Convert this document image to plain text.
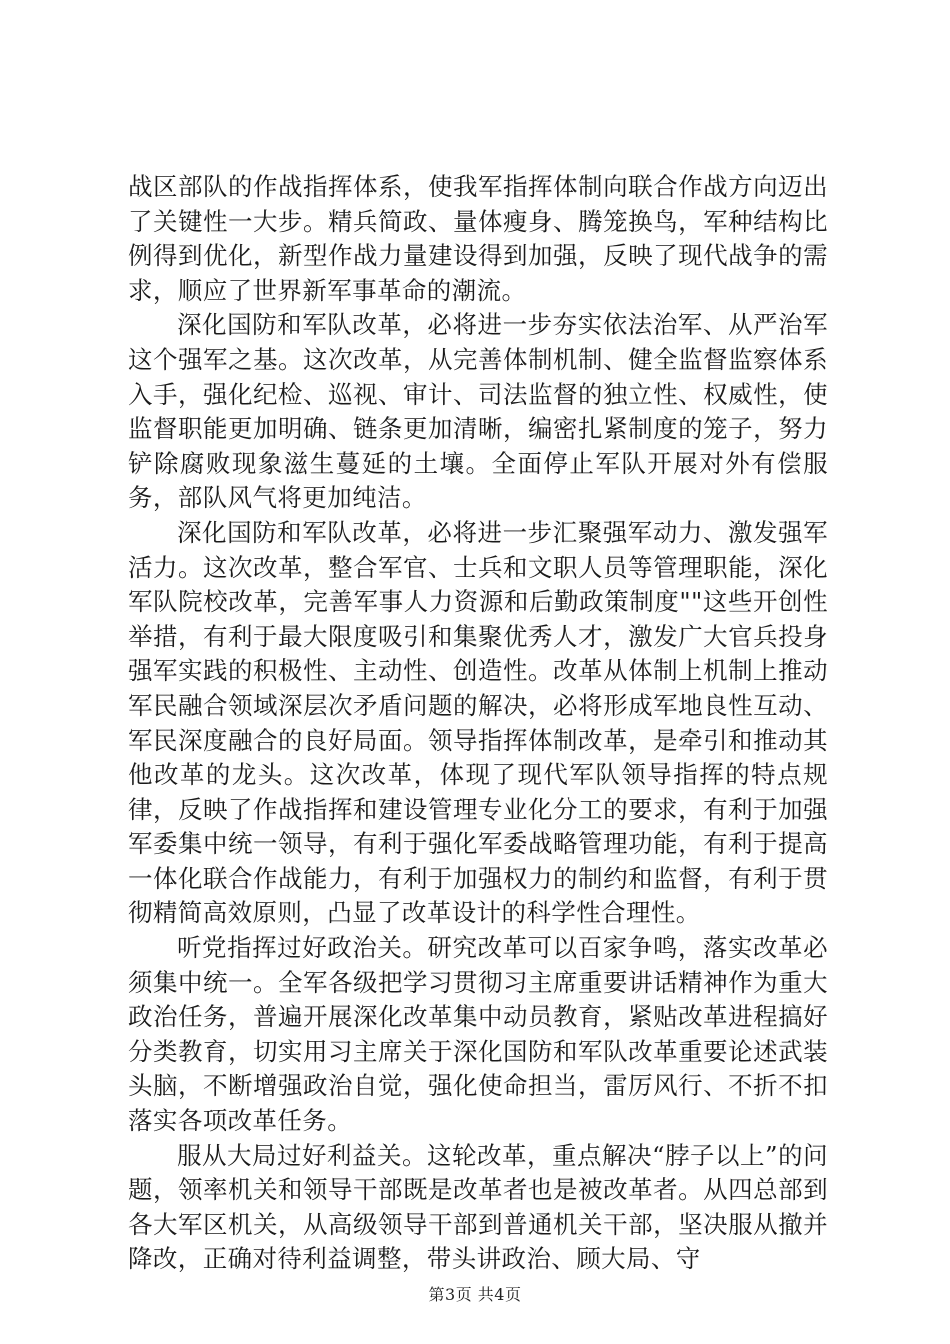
战区部队的作战指挥体系，使我军指挥体制向联合作战方向迈出了关键性一大步。精兵简政、量体瘦身、腾笼换鸟，军种结构比例得到优化，新型作战力量建设得到加强，反映了现代战争的需求，顺应了世界新军事革命的潮流。

深化国防和军队改革，必将进一步夯实依法治军、从严治军这个强军之基。这次改革，从完善体制机制、健全监督监察体系入手，强化纪检、巡视、审计、司法监督的独立性、权威性，使监督职能更加明确、链条更加清晰，编密扎紧制度的笼子，努力铲除腐败现象滋生蔓延的土壤。全面停止军队开展对外有偿服务，部队风气将更加纯洁。

深化国防和军队改革，必将进一步汇聚强军动力、激发强军活力。这次改革，整合军官、士兵和文职人员等管理职能，深化军队院校改革，完善军事人力资源和后勤政策制度""这些开创性举措，有利于最大限度吸引和集聚优秀人才，激发广大官兵投身强军实践的积极性、主动性、创造性。改革从体制上机制上推动军民融合领域深层次矛盾问题的解决，必将形成军地良性互动、军民深度融合的良好局面。领导指挥体制改革，是牵引和推动其他改革的龙头。这次改革，体现了现代军队领导指挥的特点规律，反映了作战指挥和建设管理专业化分工的要求，有利于加强军委集中统一领导，有利于强化军委战略管理功能，有利于提高一体化联合作战能力，有利于加强权力的制约和监督，有利于贯彻精简高效原则，凸显了改革设计的科学性合理性。

听党指挥过好政治关。研究改革可以百家争鸣，落实改革必须集中统一。全军各级把学习贯彻习主席重要讲话精神作为重大政治任务，普遍开展深化改革集中动员教育，紧贴改革进程搞好分类教育，切实用习主席关于深化国防和军队改革重要论述武装头脑，不断增强政治自觉，强化使命担当，雷厉风行、不折不扣落实各项改革任务。

服从大局过好利益关。这轮改革，重点解决“脖子以上”的问题，领率机关和领导干部既是改革者也是被改革者。从四总部到各大军区机关，从高级领导干部到普通机关干部，坚决服从撤并降改，正确对待利益调整，带头讲政治、顾大局、守

第3页 共4页
